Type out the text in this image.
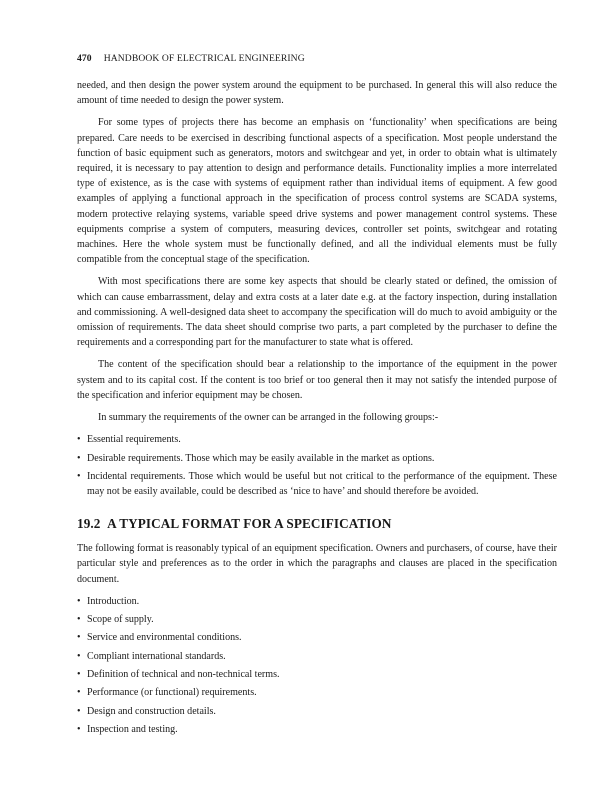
470 HANDBOOK OF ELECTRICAL ENGINEERING

needed, and then design the power system around the equipment to be purchased. In general this will also reduce the amount of time needed to design the power system.

For some types of projects there has become an emphasis on ‘functionality’ when specifications are being prepared. Care needs to be exercised in describing functional aspects of a specification. Most people understand the function of basic equipment such as generators, motors and switchgear and yet, in order to obtain what is ultimately required, it is necessary to pay attention to design and performance details. Functionality implies a more interrelated type of existence, as is the case with systems of equipment rather than individual items of equipment. A few good examples of applying a functional approach in the specification of process control systems are SCADA systems, modern protective relaying systems, variable speed drive systems and power management control systems. These equipments comprise a system of computers, measuring devices, controller set points, switchgear and rotating machines. Here the whole system must be functionally defined, and all the individual elements must be fully compatible from the conceptual stage of the specification.

With most specifications there are some key aspects that should be clearly stated or defined, the omission of which can cause embarrassment, delay and extra costs at a later date e.g. at the factory inspection, during installation and commissioning. A well-designed data sheet to accompany the specification will do much to avoid ambiguity or the omission of requirements. The data sheet should comprise two parts, a part completed by the purchaser to define the requirements and a corresponding part for the manufacturer to state what is offered.

The content of the specification should bear a relationship to the importance of the equipment in the power system and to its capital cost. If the content is too brief or too general then it may not satisfy the intended purpose of the specification and inferior equipment may be chosen.

In summary the requirements of the owner can be arranged in the following groups:-

• Essential requirements.
• Desirable requirements. Those which may be easily available in the market as options.
• Incidental requirements. Those which would be useful but not critical to the performance of the equipment. These may not be easily available, could be described as ‘nice to have’ and should therefore be avoided.
19.2 A TYPICAL FORMAT FOR A SPECIFICATION

The following format is reasonably typical of an equipment specification. Owners and purchasers, of course, have their particular style and preferences as to the order in which the paragraphs and clauses are placed in the specification document.

• Introduction.
• Scope of supply.
• Service and environmental conditions.
• Compliant international standards.
• Definition of technical and non-technical terms.
• Performance (or functional) requirements.
• Design and construction details.
• Inspection and testing.
